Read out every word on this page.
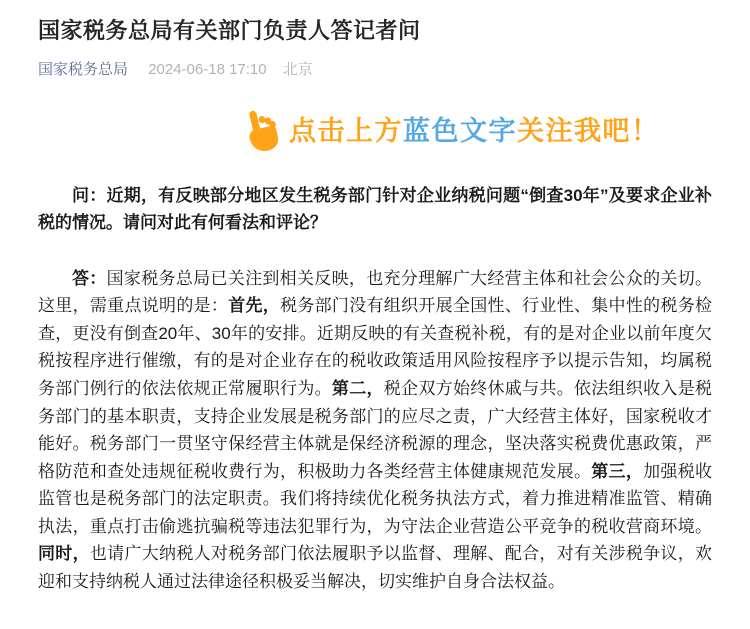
国家税务总局有关部门负责人答记者问
国家税务总局 2024-06-18 17:10 北京
点击上方蓝色文字关注我吧！

问：近期，有反映部分地区发生税务部门针对企业纳税问题“倒查30年”及要求企业补税的情况。请问对此有何看法和评论？

答：国家税务总局已关注到相关反映，也充分理解广大经营主体和社会公众的关切。这里，需重点说明的是：首先，税务部门没有组织开展全国性、行业性、集中性的税务检查，更没有倒查20年、30年的安排。近期反映的有关查税补税，有的是对企业以前年度欠税按程序进行催缴，有的是对企业存在的税收政策适用风险按程序予以提示告知，均属税务部门例行的依法依规正常履职行为。第二，税企双方始终休戚与共。依法组织收入是税务部门的基本职责，支持企业发展是税务部门的应尽之责，广大经营主体好，国家税收才能好。税务部门一贯坚守保经营主体就是保经济税源的理念，坚决落实税费优惠政策，严格防范和查处违规征税收费行为，积极助力各类经营主体健康规范发展。第三，加强税收监管也是税务部门的法定职责。我们将持续优化税务执法方式，着力推进精准监管、精确执法，重点打击偷逃抗骗税等违法犯罪行为，为守法企业营造公平竞争的税收营商环境。同时，也请广大纳税人对税务部门依法履职予以监督、理解、配合，对有关涉税争议，欢迎和支持纳税人通过法律途径积极妥当解决，切实维护自身合法权益。
